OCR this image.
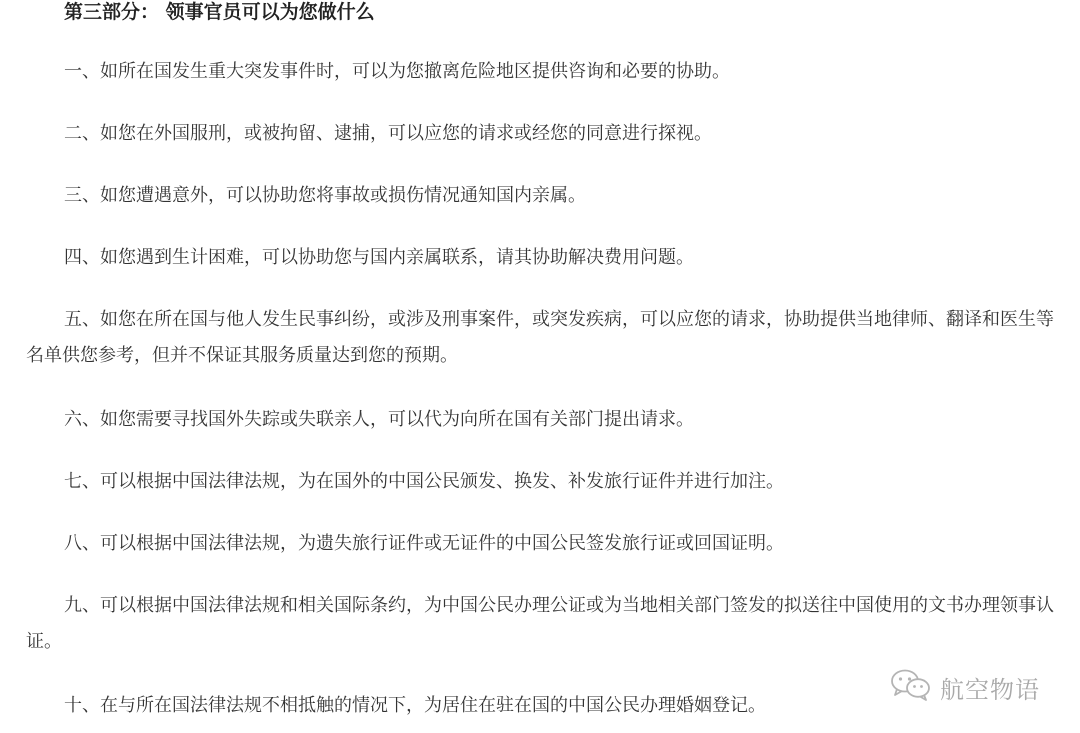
第三部分： 领事官员可以为您做什么

一、如所在国发生重大突发事件时，可以为您撤离危险地区提供咨询和必要的协助。

二、如您在外国服刑，或被拘留、逮捕，可以应您的请求或经您的同意进行探视。

三、如您遭遇意外，可以协助您将事故或损伤情况通知国内亲属。

四、如您遇到生计困难，可以协助您与国内亲属联系，请其协助解决费用问题。

五、如您在所在国与他人发生民事纠纷，或涉及刑事案件，或突发疾病，可以应您的请求，协助提供当地律师、翻译和医生等名单供您参考，但并不保证其服务质量达到您的预期。

六、如您需要寻找国外失踪或失联亲人，可以代为向所在国有关部门提出请求。

七、可以根据中国法律法规，为在国外的中国公民颁发、换发、补发旅行证件并进行加注。

八、可以根据中国法律法规，为遗失旅行证件或无证件的中国公民签发旅行证或回国证明。

九、可以根据中国法律法规和相关国际条约，为中国公民办理公证或为当地相关部门签发的拟送往中国使用的文书办理领事认证。

十、在与所在国法律法规不相抵触的情况下，为居住在驻在国的中国公民办理婚姻登记。

航空物语
